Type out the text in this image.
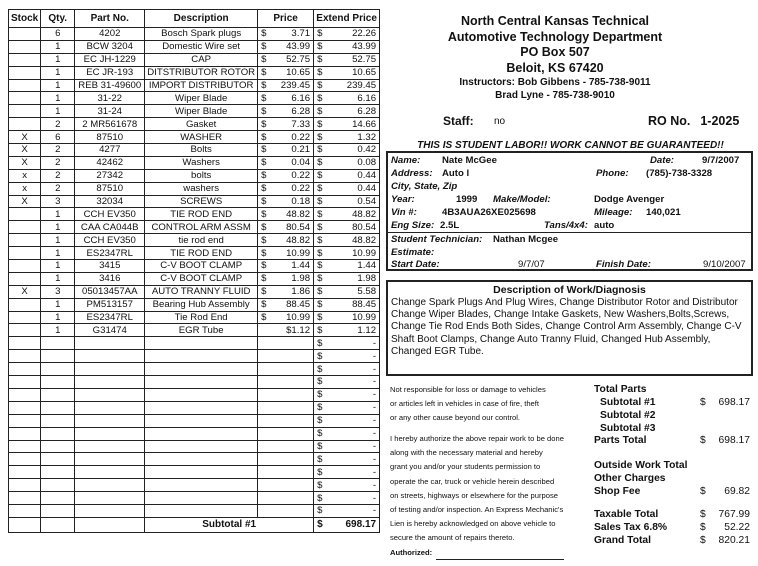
Stock	Qty.	Part No.	Description	Price		Extend Price	
	6	4202	Bosch Spark plugs	$	3.71	$	22.26
	1	BCW 3204	Domestic Wire set	$	43.99	$	43.99
	1	EC JH-1229	CAP	$	52.75	$	52.75
	1	EC JR-193	DITSTRIBUTOR ROTOR	$	10.65	$	10.65
	1	REB 31-49600	IMPORT DISTRIBUTOR	$	239.45	$	239.45
	1	31-22	Wiper Blade	$	6.16	$	6.16
	1	31-24	Wiper Blade	$	6.28	$	6.28
	2	2 MR561678	Gasket	$	7.33	$	14.66
X	6	87510	WASHER	$	0.22	$	1.32
X	2	4277	Bolts	$	0.21	$	0.42
X	2	42462	Washers	$	0.04	$	0.08
x	2	27342	bolts	$	0.22	$	0.44
x	2	87510	washers	$	0.22	$	0.44
X	3	32034	SCREWS	$	0.18	$	0.54
	1	CCH EV350	TIE ROD END	$	48.82	$	48.82
	1	CAA CA044B	CONTROL ARM ASSM	$	80.54	$	80.54
	1	CCH EV350	tie rod end	$	48.82	$	48.82
	1	ES2347RL	TIE ROD END	$	10.99	$	10.99
	1	3415	C-V BOOT CLAMP	$	1.44	$	1.44
	1	3416	C-V BOOT CLAMP	$	1.98	$	1.98
X	3	05013457AA	AUTO TRANNY FLUID	$	1.86	$	5.58
	1	PM513157	Bearing Hub Assembly	$	88.45	$	88.45
	1	ES2347RL	Tie Rod End	$	10.99	$	10.99
	1	G31474	EGR Tube		$1.12	$	1.12
						$	-
						$	-
						$	-
						$	-
						$	-
						$	-
						$	-
						$	-
						$	-
						$	-
						$	-
						$	-
						$	-
						$	-
			Subtotal #1			$	698.17
North Central Kansas Technical
Automotive Technology Department
PO Box 507
Beloit, KS 67420
Instructors: Bob Gibbens - 785-738-9011
Brad Lyne - 785-738-9010
Staff: no	RO No. 1-2025
THIS IS STUDENT LABOR!! WORK CANNOT BE GUARANTEED!!
Name: Nate McGee	Date:	9/7/2007
Address: Auto l	Phone: (785)-738-3328
City, State, Zip
Year:	1999 Make/Model:	Dodge Avenger
Vin #:	4B3AUA26XE025698	Mileage: 140,021
Eng Size: 2.5L	Tans/4x4: auto
Student Technician: Nathan Mcgee
Estimate:
Start Date:	9/7/07	Finish Date:	9/10/2007
Description of Work/Diagnosis
Change Spark Plugs And Plug Wires, Change Distributor Rotor and Distributor Change Wiper Blades, Change Intake Gaskets, New Washers,Bolts,Screws, Change Tie Rod Ends Both Sides, Change Control Arm Assembly, Change C-V Shaft Boot Clamps, Change Auto Tranny Fluid, Changed Hub Assembly, Changed EGR Tube.
Not responsible for loss or damage to vehicles
or articles left in vehicles in case of fire, theft
or any other cause beyond our control.
I hereby authorize the above repair work to be done
along with the necessary material and hereby
grant you and/or your students permission to
operate the car, truck or vehicle herein described
on streets, highways or elsewhere for the purpose
of testing and/or inspection. An Express Mechanic's
Lien is hereby acknowledged on above vehicle to
secure the amount of repairs thereto.
Authorized:
Total Parts
Subtotal #1	$ 698.17
Subtotal #2
Subtotal #3
Parts Total	$ 698.17
Outside Work Total
Other Charges
Shop Fee	$ 69.82
Taxable Total	$ 767.99
Sales Tax 6.8%	$ 52.22
Grand Total	$ 820.21
